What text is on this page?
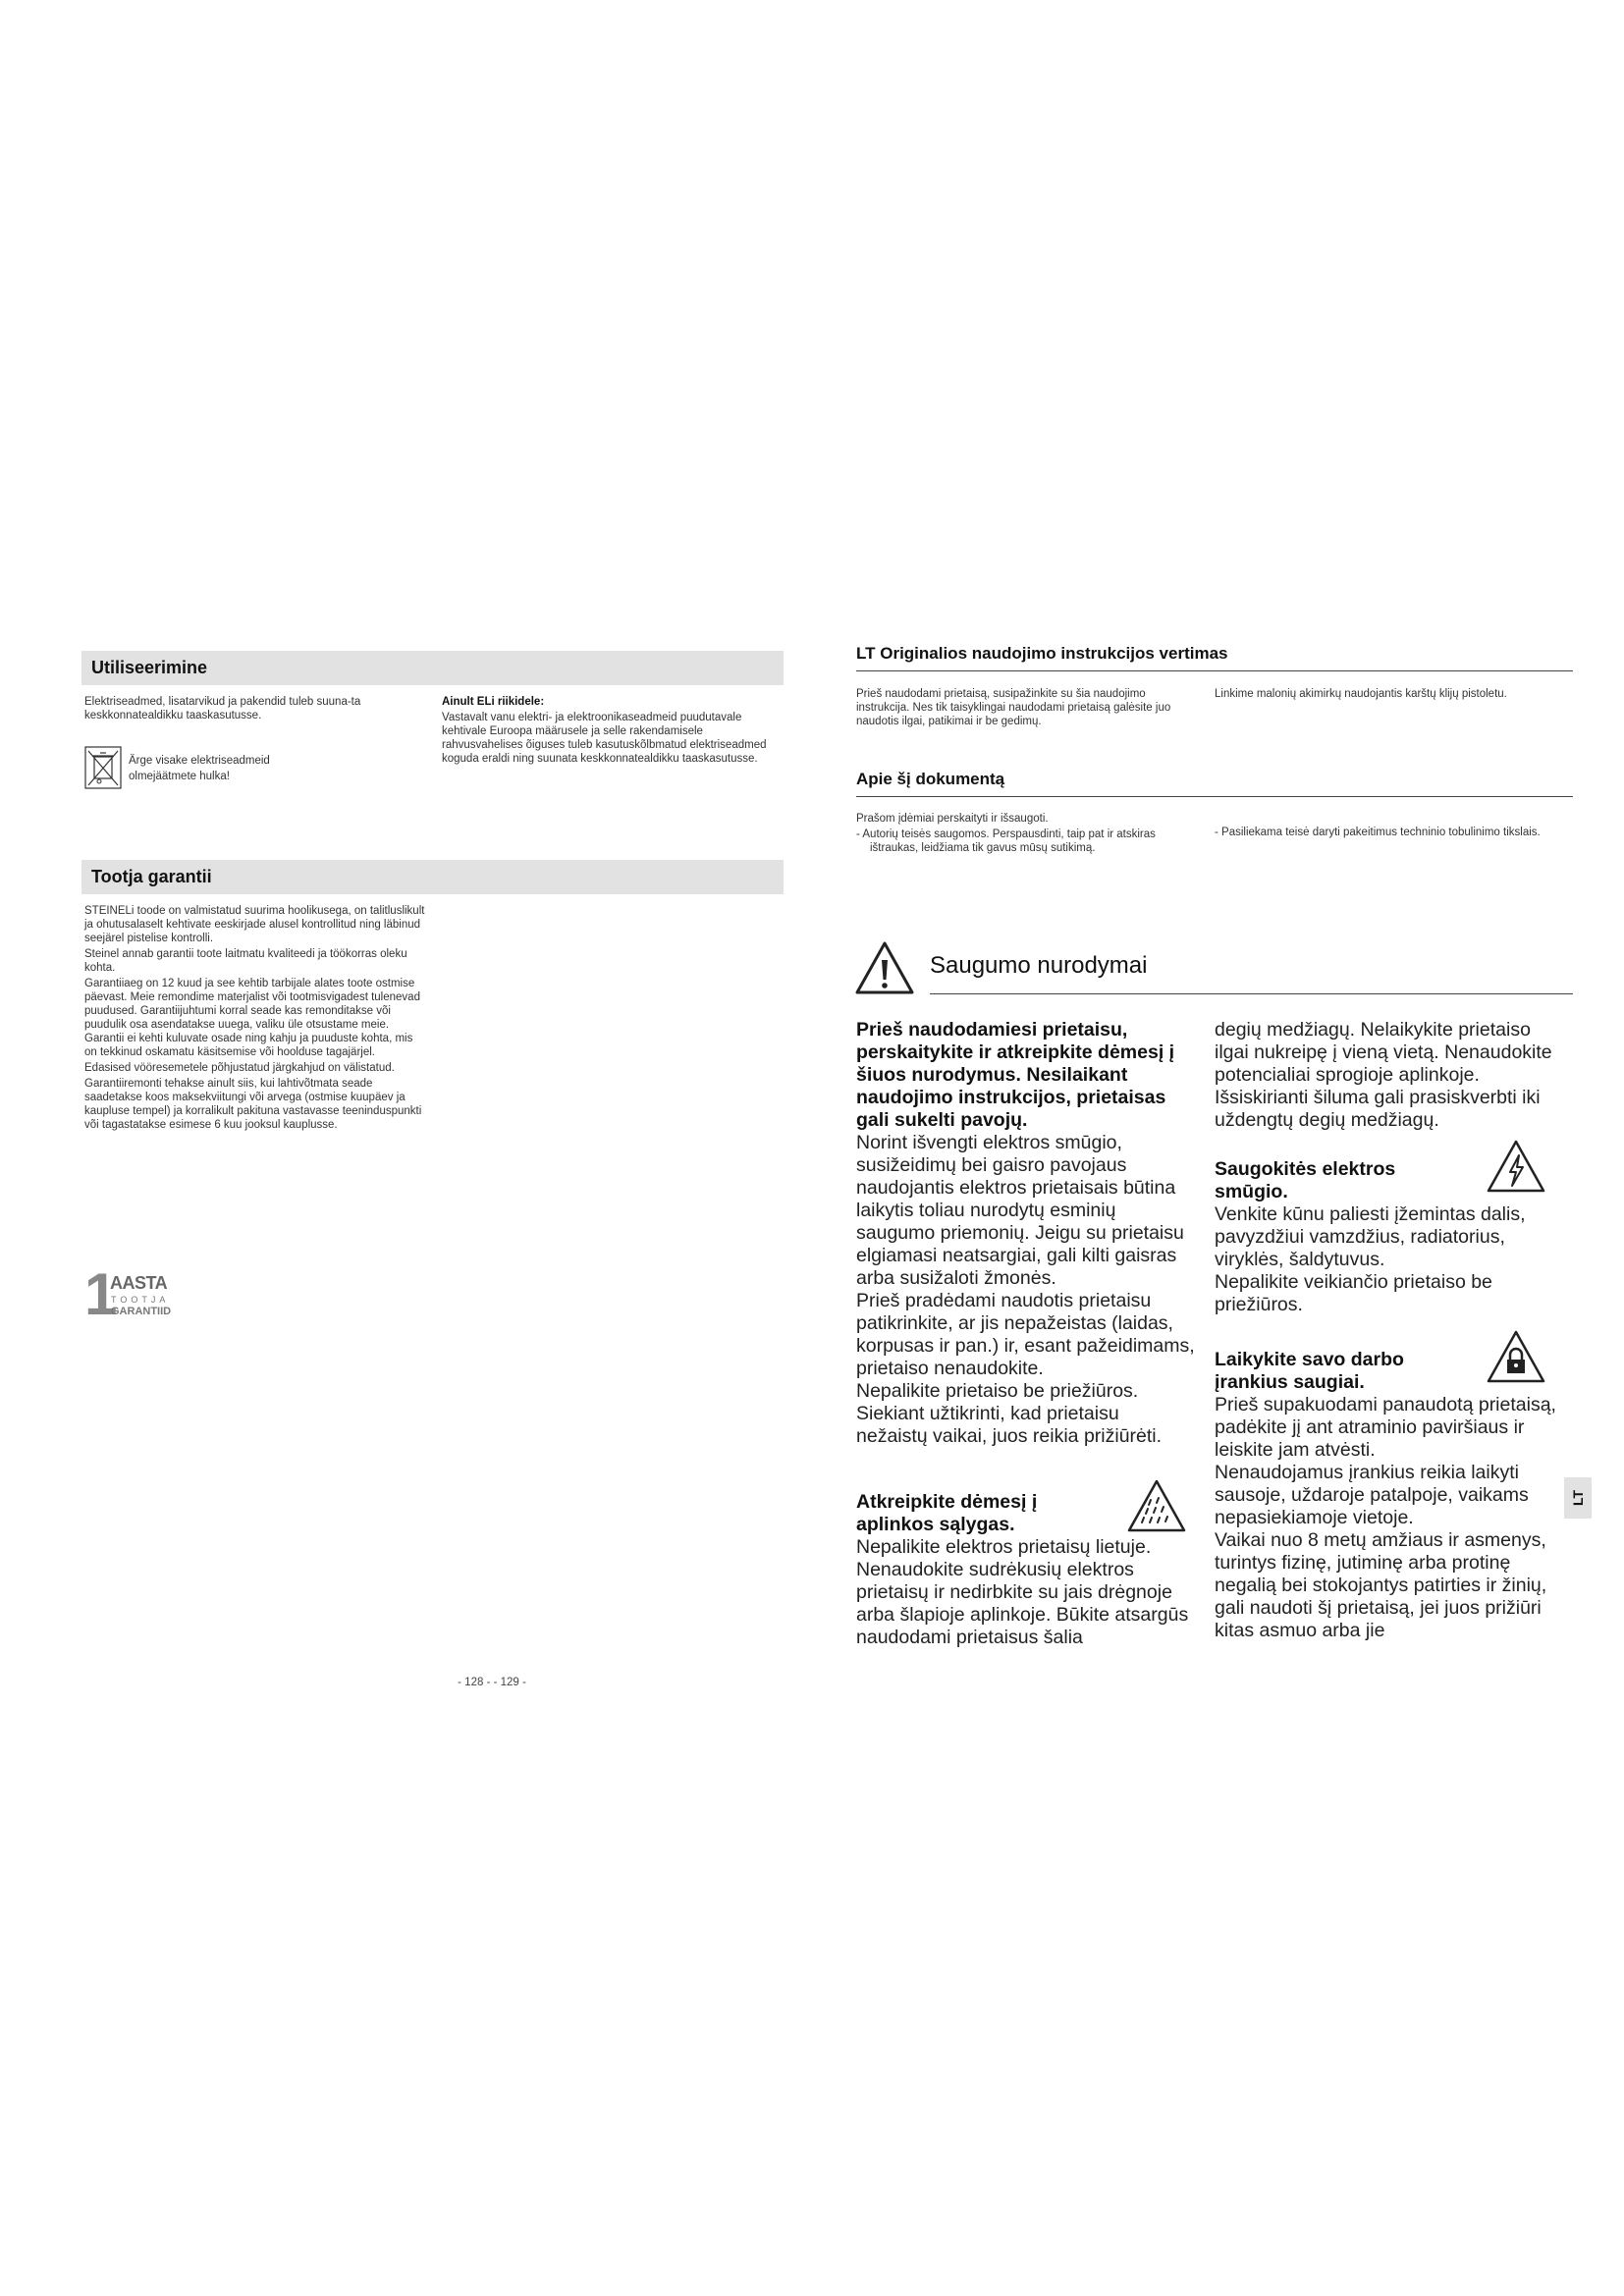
Utiliseerimine

Elektriseadmed, lisatarvikud ja pakendid tuleb suuna-ta keskkonnatealdikku taaskasutusse.

Ärge visake elektriseadmeid

olmejäätmete hulka!

Ainult ELi riikidele:

Vastavalt vanu elektri- ja elektroonikaseadmeid puudutavale kehtivale Euroopa määrusele ja selle rakendamisele rahvusvahelises õiguses tuleb kasutuskõlbmatud elektriseadmed koguda eraldi ning suunata keskkonnatealdikku taaskasutusse.

Tootja garantii

STEINELi toode on valmistatud suurima hoolikusega, on talitluslikult ja ohutusalaselt kehtivate eeskirjade alusel kontrollitud ning läbinud seejärel pistelise kontrolli.

Steinel annab garantii toote laitmatu kvaliteedi ja töökorras oleku kohta.

Garantiiaeg on 12 kuud ja see kehtib tarbijale alates toote ostmise päevast. Meie remondime materjalist või tootmisvigadest tulenevad puudused. Garantiijuhtumi korral seade kas remonditakse või puudulik osa asendatakse uuega, valiku üle otsustame meie. Garantii ei kehti kuluvate osade ning kahju ja puuduste kohta, mis on tekkinud oskamatu käsitsemise või hoolduse tagajärjel.

Edasised vööresemetele põhjustatud järgkahjud on välistatud.

Garantiiremonti tehakse ainult siis, kui lahtivõtmata seade saadetakse koos maksekviitungi või arvega (ostmise kuupäev ja kaupluse tempel) ja korralikult pakituna vastavasse teeninduspunkti või tagastatakse esimese 6 kuu jooksul kauplusse.

1
AASTA
TOOTJA
GARANTIID
- 128 - - 129 -
LT Originalios naudojimo instrukcijos vertimas

Prieš naudodami prietaisą, susipažinkite su šia naudojimo instrukcija. Nes tik taisyklingai naudodami prietaisą galėsite juo naudotis ilgai, patikimai ir be gedimų.

Linkime malonių akimirkų naudojantis karštų klijų pistoletu.

Apie šį dokumentą

Prašom įdėmiai perskaityti ir išsaugoti.

- Autorių teisės saugomos. Perspausdinti, taip pat ir atskiras ištraukas, leidžiama tik gavus mūsų sutikimą.

- Pasiliekama teisė daryti pakeitimus techninio tobulinimo tikslais.

Saugumo nurodymai

Prieš naudodamiesi prietaisu, perskaitykite ir atkreipkite dėmesį į šiuos nurodymus. Nesilaikant naudojimo instrukcijos, prietaisas gali sukelti pavojų.

Norint išvengti elektros smūgio, susižeidimų bei gaisro pavojaus naudojantis elektros prietaisais būtina laikytis toliau nurodytų esminių saugumo priemonių. Jeigu su prietaisu elgiamasi neatsargiai, gali kilti gaisras arba susižaloti žmonės.

Prieš pradėdami naudotis prietaisu patikrinkite, ar jis nepažeistas (laidas, korpusas ir pan.) ir, esant pažeidimams, prietaiso nenaudokite.

Nepalikite prietaiso be priežiūros.

Siekiant užtikrinti, kad prietaisu nežaistų vaikai, juos reikia prižiūrėti.

Atkreipkite dėmesį į aplinkos sąlygas.

Nepalikite elektros prietaisų lietuje. Nenaudokite sudrėkusių elektros prietaisų ir nedirbkite su jais drėgnoje arba šlapioje aplinkoje. Būkite atsargūs naudodami prietaisus šalia

degių medžiagų. Nelaikykite prietaiso ilgai nukreipę į vieną vietą. Nenaudokite potencialiai sprogioje aplinkoje. Išsiskirianti šiluma gali prasiskverbti iki uždengtų degių medžiagų.

Saugokitės elektros smūgio.

Venkite kūnu paliesti įžemintas dalis, pavyzdžiui vamzdžius, radiatorius, viryklės, šaldytuvus.

Nepalikite veikiančio prietaiso be priežiūros.

Laikykite savo darbo įrankius saugiai.

Prieš supakuodami panaudotą prietaisą, padėkite jį ant atraminio paviršiaus ir leiskite jam atvėsti.

Nenaudojamus įrankius reikia laikyti sausoje, uždaroje patalpoje, vaikams nepasiekiamoje vietoje.

Vaikai nuo 8 metų amžiaus ir asmenys, turintys fizinę, jutiminę arba protinę negalią bei stokojantys patirties ir žinių, gali naudoti šį prietaisą, jei juos prižiūri kitas asmuo arba jie

LT
